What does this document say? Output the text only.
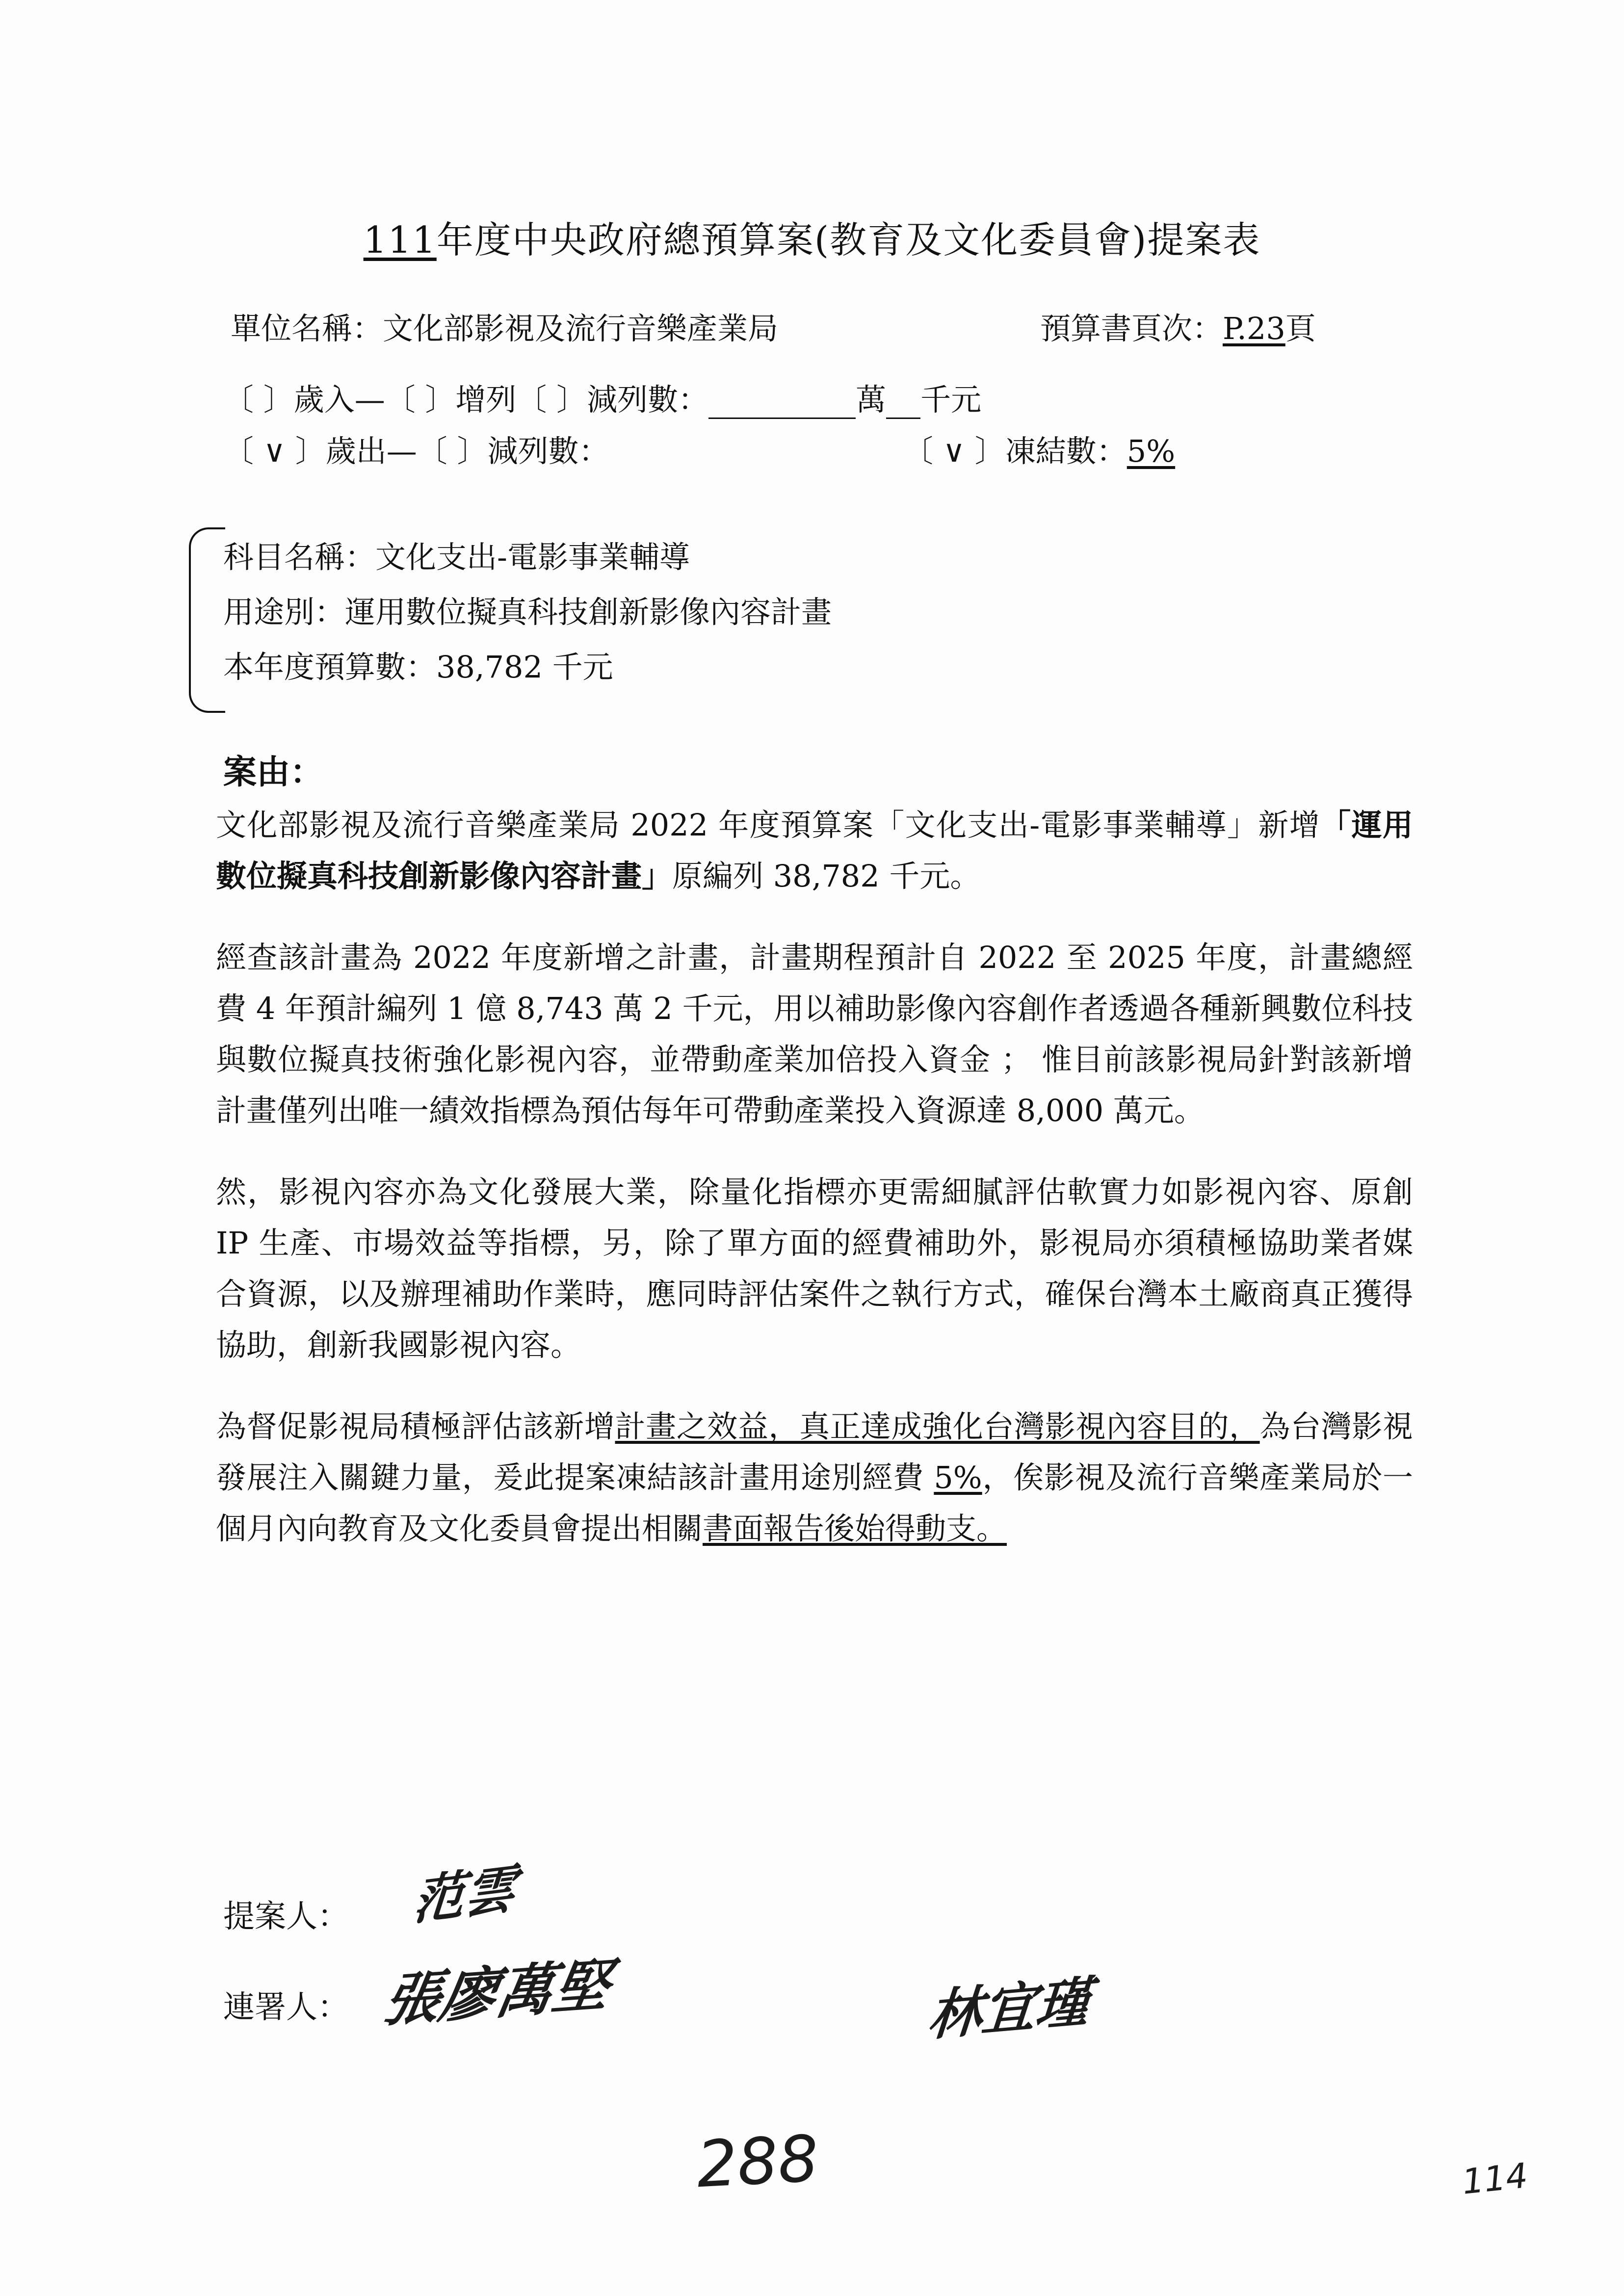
111年度中央政府總預算案(教育及文化委員會)提案表
單位名稱：文化部影視及流行音樂產業局	預算書頁次：P.23頁
〔 〕歲入—〔 〕增列〔 〕減列數：	萬 千元
〔 ∨ 〕歲出—〔 〕減列數：	〔 ∨ 〕凍結數：5%
科目名稱：文化支出-電影事業輔導
用途別：運用數位擬真科技創新影像內容計畫
本年度預算數：38,782 千元
案由：

文化部影視及流行音樂產業局 2022 年度預算案「文化支出-電影事業輔導」新增「運用數位擬真科技創新影像內容計畫」原編列 38,782 千元。

經查該計畫為 2022 年度新增之計畫，計畫期程預計自 2022 至 2025 年度，計畫總經費 4 年預計編列 1 億 8,743 萬 2 千元，用以補助影像內容創作者透過各種新興數位科技與數位擬真技術強化影視內容，並帶動產業加倍投入資金 ； 惟目前該影視局針對該新增計畫僅列出唯一績效指標為預估每年可帶動產業投入資源達 8,000 萬元。

然，影視內容亦為文化發展大業，除量化指標亦更需細膩評估軟實力如影視內容、原創 IP 生產、市場效益等指標，另，除了單方面的經費補助外，影視局亦須積極協助業者媒合資源，以及辦理補助作業時，應同時評估案件之執行方式，確保台灣本土廠商真正獲得協助，創新我國影視內容。

為督促影視局積極評估該新增計畫之效益，真正達成強化台灣影視內容目的，為台灣影視發展注入關鍵力量，爰此提案凍結該計畫用途別經費 5%，俟影視及流行音樂產業局於一個月內向教育及文化委員會提出相關書面報告後始得動支。

提案人：
連署人：
范雲
張廖萬堅	林宜瑾
288	114
